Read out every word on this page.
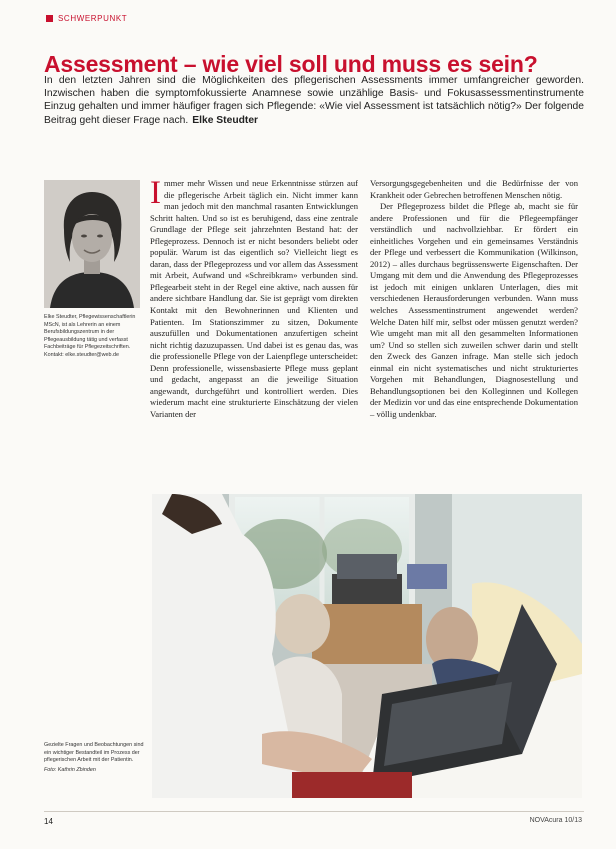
SCHWERPUNKT
Assessment – wie viel soll und muss es sein?
In den letzten Jahren sind die Möglichkeiten des pflegerischen Assessments immer umfangreicher geworden. Inzwischen haben die symptomfokussierte Anamnese sowie unzählige Basis- und Fokusassessmentinstrumente Einzug gehalten und immer häufiger fragen sich Pflegende: «Wie viel Assessment ist tatsächlich nötig?» Der folgende Beitrag geht dieser Frage nach. Elke Steudter
Elke Steudter, Pflegewissenschaftlerin MScN, ist als Lehrerin an einem Berufsbildungszentrum in der Pflegeausbildung tätig und verfasst Fachbeiträge für Pflegezeitschriften. Kontakt: elke.steudter@web.de

Immer mehr Wissen und neue Erkenntnisse stürzen auf die pflegerische Arbeit täglich ein. Nicht immer kann man jedoch mit den manchmal rasanten Entwicklungen Schritt halten. Und so ist es beruhigend, dass eine zentrale Grundlage der Pflege seit jahrzehnten Bestand hat: der Pflegeprozess. Dennoch ist er nicht besonders beliebt oder populär. Warum ist das eigentlich so? Vielleicht liegt es daran, dass der Pflegeprozess und vor allem das Assessment mit Arbeit, Aufwand und «Schreibkram» verbunden sind. Pflegearbeit steht in der Regel eine aktive, nach aussen für andere sichtbare Handlung dar. Sie ist geprägt vom direkten Kontakt mit den Bewohnerinnen und Klienten und Patienten. Im Stationszimmer zu sitzen, Dokumente auszufüllen und Dokumentationen anzufertigen scheint nicht richtig dazuzupassen. Und dabei ist es genau das, was die professionelle Pflege von der Laienpflege unterscheidet: Denn professionelle, wissensbasierte Pflege muss geplant und gedacht, angepasst an die jeweilige Situation angewandt, durchgeführt und kontrolliert werden. Dies wiederum macht eine strukturierte Einschätzung der vielen Varianten der

Versorgungsgegebenheiten und die Bedürfnisse der von Krankheit oder Gebrechen betroffenen Menschen nötig.

Der Pflegeprozess bildet die Pflege ab, macht sie für andere Professionen und für die Pflegeempfänger verständlich und nachvollziehbar. Er fördert ein einheitliches Vorgehen und ein gemeinsames Verständnis der Pflege und verbessert die Kommunikation (Wilkinson, 2012) – alles durchaus begrüssenswerte Eigenschaften. Der Umgang mit dem und die Anwendung des Pflegeprozesses ist jedoch mit einigen unklaren Unterlagen, dies mit verschiedenen Herausforderungen verbunden. Wann muss welches Assessmentinstrument angewendet werden? Welche Daten hilf mir, selbst oder müssen genutzt werden? Wie umgeht man mit all den gesammelten Informationen um? Und so stellen sich zuweilen schwer darin und stellt den Zweck des Ganzen infrage. Man stelle sich jedoch einmal ein nicht systematisches und nicht strukturiertes Vorgehen mit Behandlungen, Diagnosestellung und Behandlungsoptionen bei den Kolleginnen und Kollegen der Medizin vor und das eine entsprechende Dokumentation – völlig undenkbar.

Gezielte Fragen und Beobachtungen sind ein wichtiger Bestandteil im Prozess der pflegerischen Arbeit mit der Patientin.
Foto: Kathrin Zbinden
14	NOVAcura 10/13
